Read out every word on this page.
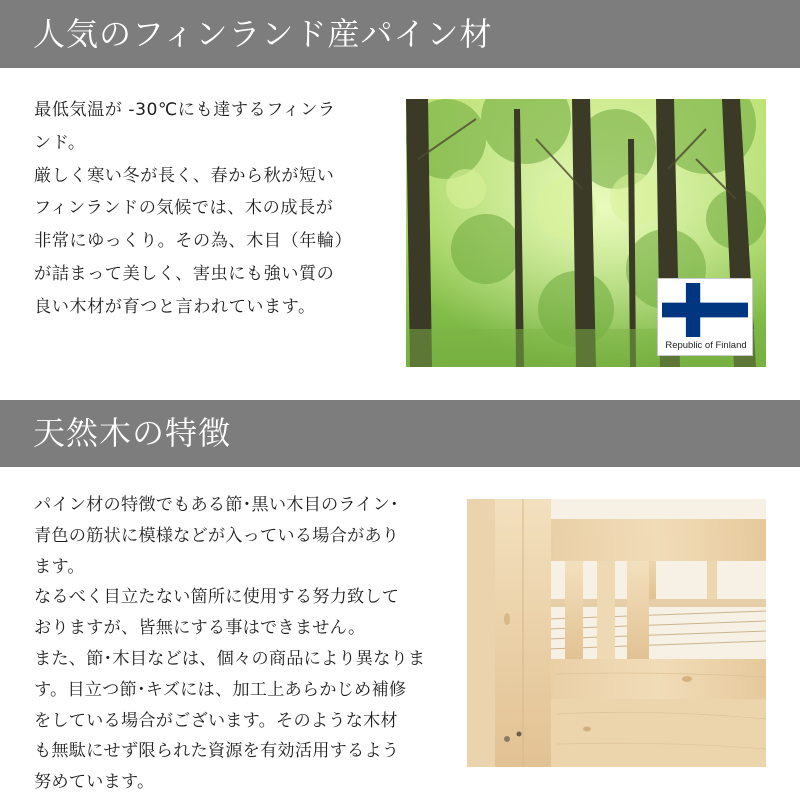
人気のフィンランド産パイン材
最低気温が -30℃にも達するフィンラ
ンド。
厳しく寒い冬が長く、春から秋が短い
フィンランドの気候では、木の成長が
非常にゆっくり。その為、木目（年輪）
が詰まって美しく、害虫にも強い質の
良い木材が育つと言われています。
Republic of Finland
天然木の特徴
パイン材の特徴でもある節･黒い木目のライン･
青色の筋状に模様などが入っている場合があり
ます。
なるべく目立たない箇所に使用する努力致して
おりますが、皆無にする事はできません。
また、節･木目などは、個々の商品により異なりま
す。目立つ節･キズには、加工上あらかじめ補修
をしている場合がございます。そのような木材
も無駄にせず限られた資源を有効活用するよう
努めています。
